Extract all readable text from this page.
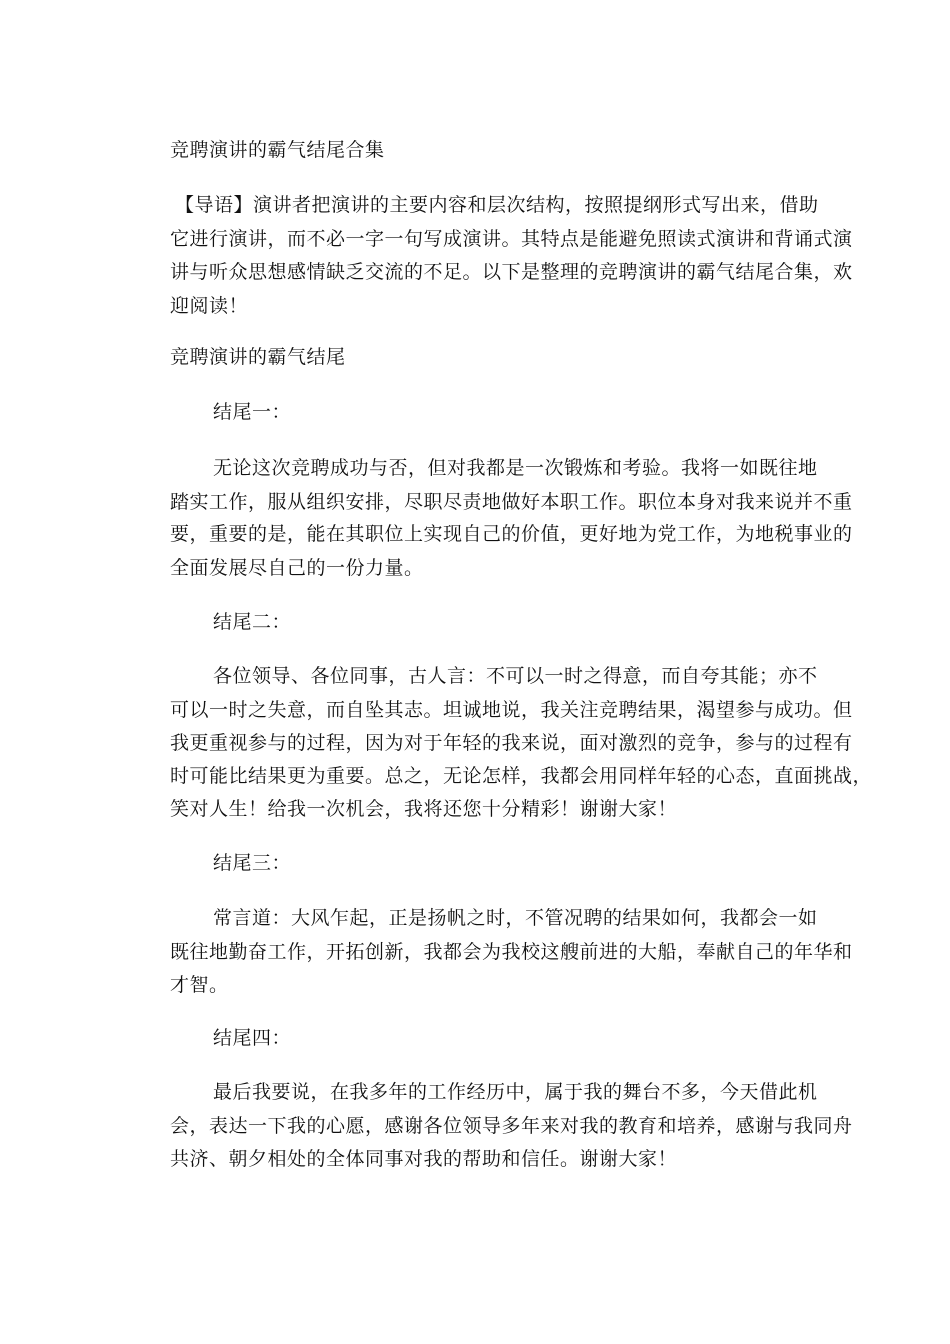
竞聘演讲的霸气结尾合集
【导语】演讲者把演讲的主要内容和层次结构，按照提纲形式写出来，借助
它进行演讲，而不必一字一句写成演讲。其特点是能避免照读式演讲和背诵式演
讲与听众思想感情缺乏交流的不足。以下是整理的竞聘演讲的霸气结尾合集，欢
迎阅读！
竞聘演讲的霸气结尾
结尾一：
无论这次竞聘成功与否，但对我都是一次锻炼和考验。我将一如既往地
踏实工作，服从组织安排，尽职尽责地做好本职工作。职位本身对我来说并不重
要，重要的是，能在其职位上实现自己的价值，更好地为党工作，为地税事业的
全面发展尽自己的一份力量。
结尾二：
各位领导、各位同事，古人言：不可以一时之得意，而自夸其能；亦不
可以一时之失意，而自坠其志。坦诚地说，我关注竞聘结果，渴望参与成功。但
我更重视参与的过程，因为对于年轻的我来说，面对激烈的竞争，参与的过程有
时可能比结果更为重要。总之，无论怎样，我都会用同样年轻的心态，直面挑战，
笑对人生！给我一次机会，我将还您十分精彩！谢谢大家！
结尾三：
常言道：大风乍起，正是扬帆之时，不管况聘的结果如何，我都会一如
既往地勤奋工作，开拓创新，我都会为我校这艘前进的大船，奉献自己的年华和
才智。
结尾四：
最后我要说，在我多年的工作经历中，属于我的舞台不多，今天借此机
会，表达一下我的心愿，感谢各位领导多年来对我的教育和培养，感谢与我同舟
共济、朝夕相处的全体同事对我的帮助和信任。谢谢大家！
